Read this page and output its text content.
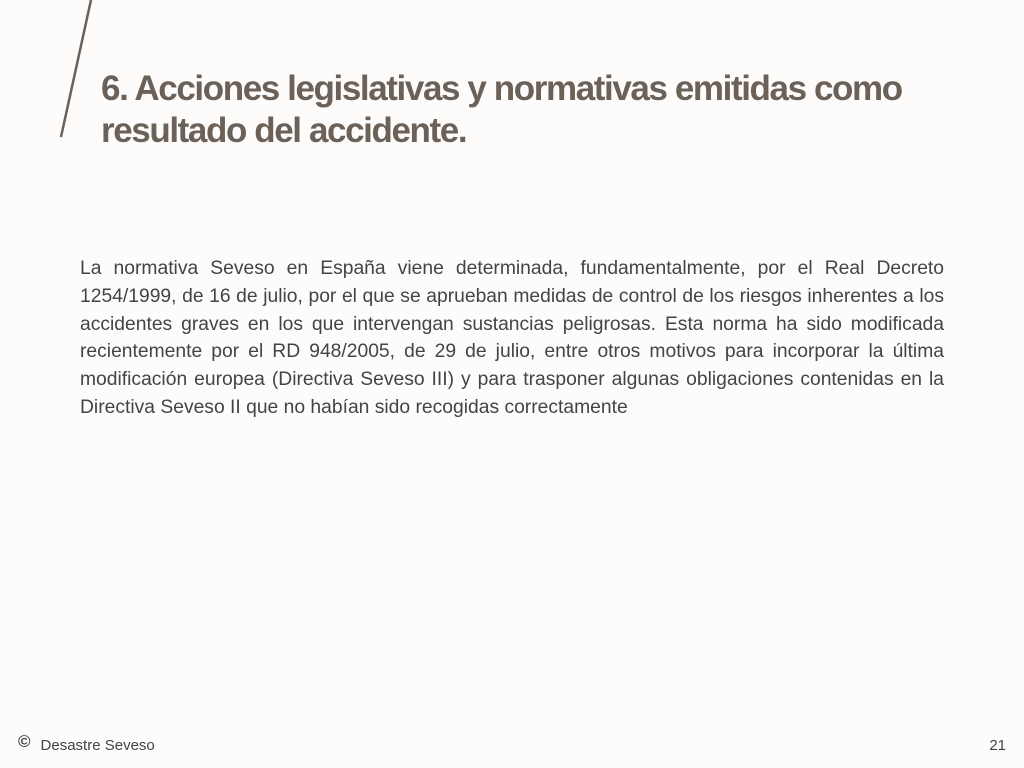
6. Acciones legislativas y normativas emitidas como resultado del accidente.

La normativa Seveso en España viene determinada, fundamentalmente, por el Real Decreto 1254/1999, de 16 de julio, por el que se aprueban medidas de control de los riesgos inherentes a los accidentes graves en los que intervengan sustancias peligrosas. Esta norma ha sido modificada recientemente por el RD 948/2005, de 29 de julio, entre otros motivos para incorporar la última modificación europea (Directiva Seveso III) y para trasponer algunas obligaciones contenidas en la Directiva Seveso II que no habían sido recogidas correctamente

© Desastre Seveso	21
